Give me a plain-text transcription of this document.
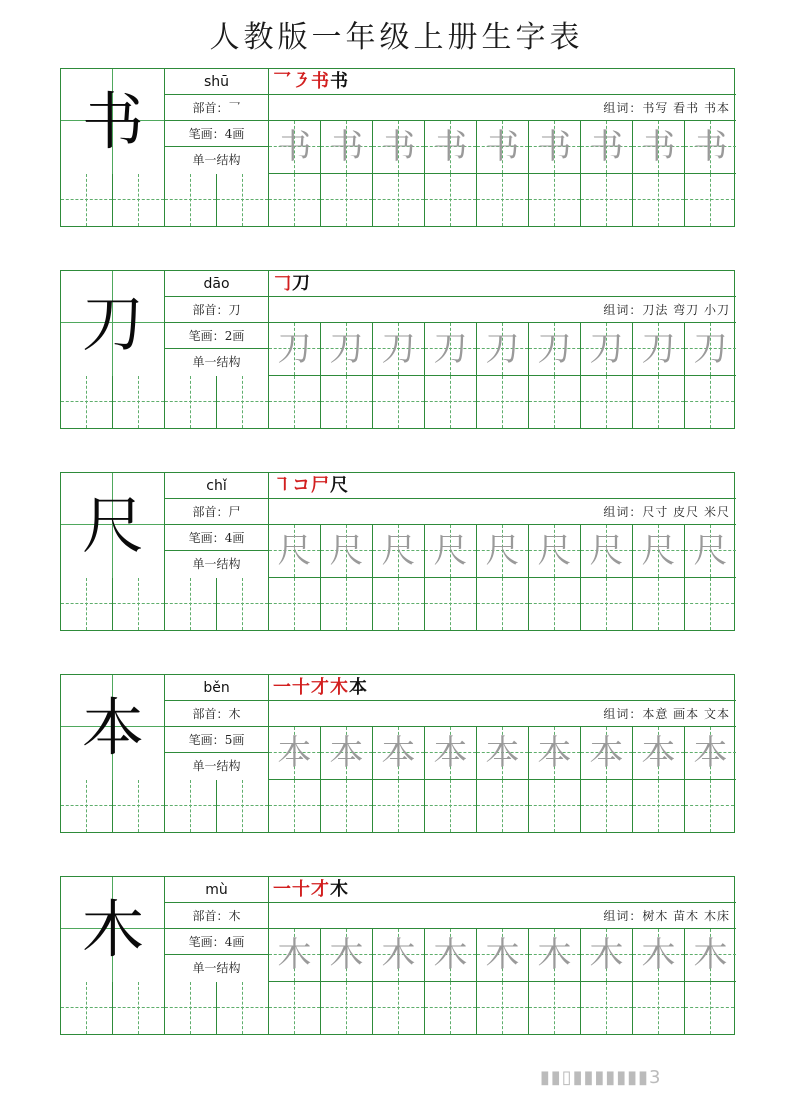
人教版一年级上册生字表
书
shū
部首：乛
笔画：4画
单一结构
乛㇋书书
组词：书写 看书 书本
书 书 书 书 书 书 书 书 书
刀
dāo
部首：刀
笔画：2画
单一结构
𠃌刀
组词：刀法 弯刀 小刀
刀 刀 刀 刀 刀 刀 刀 刀 刀
尺
chǐ
部首：尸
笔画：4画
单一结构
㇕コ尸尺
组词：尺寸 皮尺 米尺
尺 尺 尺 尺 尺 尺 尺 尺 尺
本
běn
部首：木
笔画：5画
单一结构
一十才木本
组词：本意 画本 文本
本 本 本 本 本 本 本 本 本
木
mù
部首：木
笔画：4画
单一结构
一十才木
组词：树木 苗木 木床
木 木 木 木 木 木 木 木 木
▮▮▯▮▮▮▮▮▮▮3
